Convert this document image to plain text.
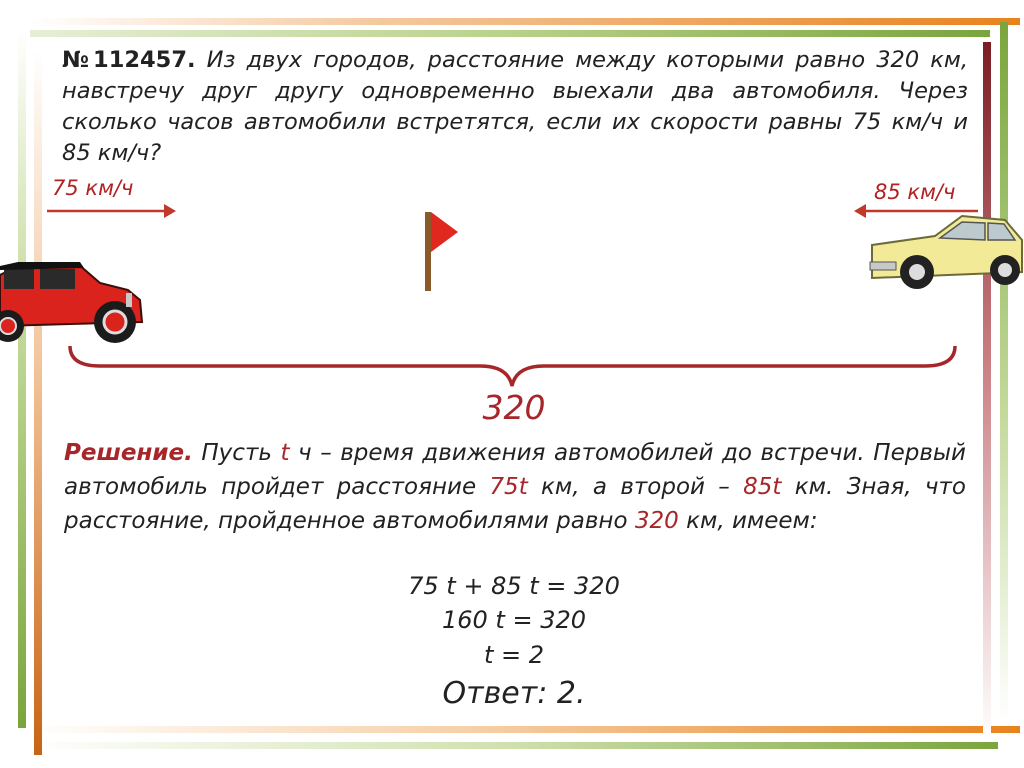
№112457. Из двух городов, расстояние между которыми равно 320 км, навстречу друг другу одновременно выехали два автомобиля. Через сколько часов автомобили встретятся, если их скорости равны 75 км/ч и 85 км/ч?
75 км/ч	85 км/ч
320
Решение. Пусть t ч – время движения автомобилей до встречи. Первый автомобиль пройдет расстояние 75t км, а второй – 85t км. Зная, что расстояние, пройденное автомобилями равно 320 км, имеем:
75 t + 85 t = 320
160 t = 320
t = 2
Ответ: 2.
